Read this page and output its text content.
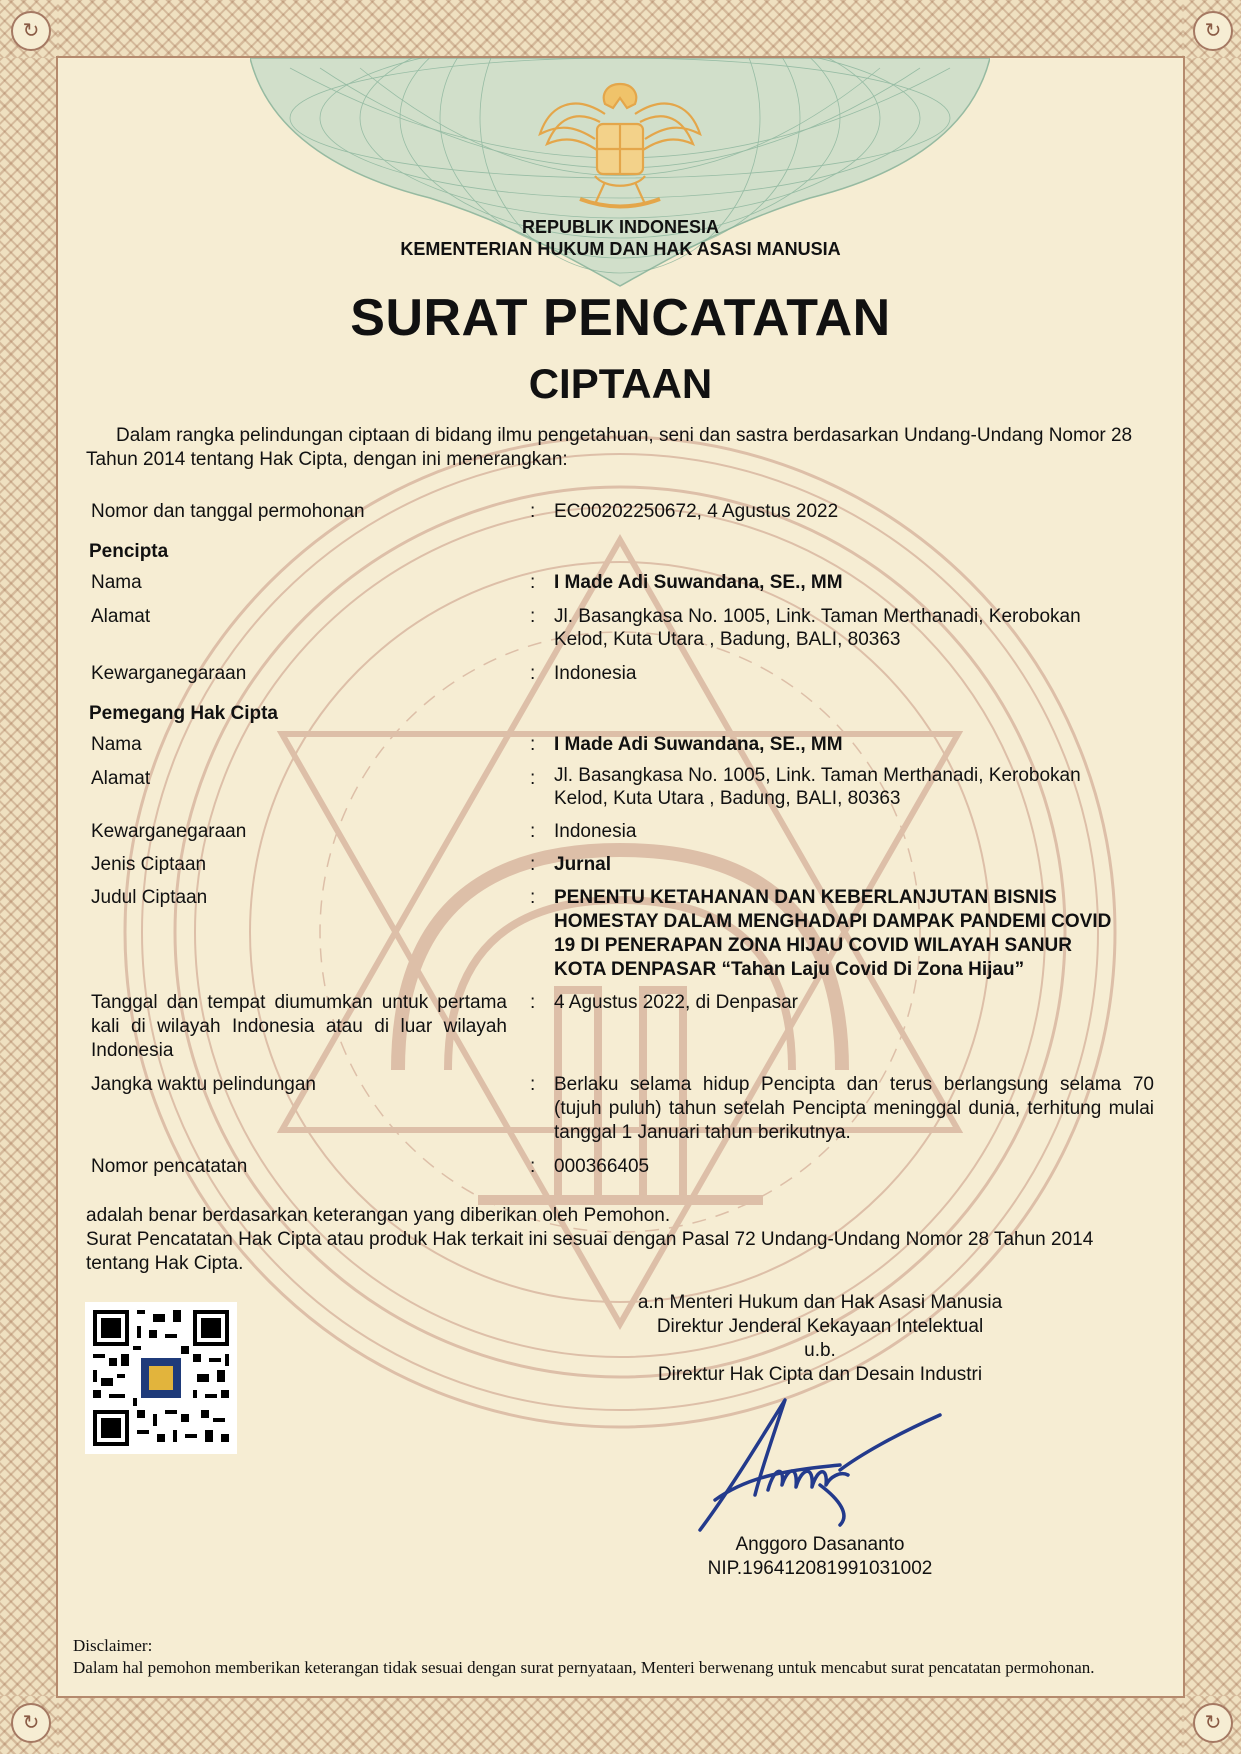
↻	↻
↻	↻
REPUBLIK INDONESIA
KEMENTERIAN HUKUM DAN HAK ASASI MANUSIA
SURAT PENCATATAN
CIPTAAN
Dalam rangka pelindungan ciptaan di bidang ilmu pengetahuan, seni dan sastra berdasarkan Undang-Undang Nomor 28 Tahun 2014 tentang Hak Cipta, dengan ini menerangkan:
Nomor dan tanggal permohonan	: EC00202250672, 4 Agustus 2022
Pencipta
Nama	: I Made Adi Suwandana, SE., MM
Alamat	: Jl. Basangkasa No. 1005, Link. Taman Merthanadi, Kerobokan
Kelod, Kuta Utara , Badung, BALI, 80363
Kewarganegaraan	: Indonesia
Pemegang Hak Cipta
Nama	: I Made Adi Suwandana, SE., MM
Alamat	: Jl. Basangkasa No. 1005, Link. Taman Merthanadi, Kerobokan
Kelod, Kuta Utara , Badung, BALI, 80363
Kewarganegaraan	: Indonesia
Jenis Ciptaan	: Jurnal
Judul Ciptaan	: PENENTU KETAHANAN DAN KEBERLANJUTAN BISNIS
HOMESTAY DALAM MENGHADAPI DAMPAK PANDEMI COVID
19 DI PENERAPAN ZONA HIJAU COVID WILAYAH SANUR
KOTA DENPASAR “Tahan Laju Covid Di Zona Hijau”
Tanggal dan tempat diumumkan untuk pertama kali di wilayah Indonesia atau di luar wilayah Indonesia
: 4 Agustus 2022, di Denpasar
Jangka waktu pelindungan	: Berlaku selama hidup Pencipta dan terus berlangsung selama 70 (tujuh puluh) tahun setelah Pencipta meninggal dunia, terhitung mulai tanggal 1 Januari tahun berikutnya.
Nomor pencatatan	: 000366405
adalah benar berdasarkan keterangan yang diberikan oleh Pemohon.
Surat Pencatatan Hak Cipta atau produk Hak terkait ini sesuai dengan Pasal 72 Undang-Undang Nomor 28 Tahun 2014 tentang Hak Cipta.
a.n Menteri Hukum dan Hak Asasi Manusia
Direktur Jenderal Kekayaan Intelektual
u.b.
Direktur Hak Cipta dan Desain Industri
Anggoro Dasananto
NIP.196412081991031002
Disclaimer:
Dalam hal pemohon memberikan keterangan tidak sesuai dengan surat pernyataan, Menteri berwenang untuk mencabut surat pencatatan permohonan.
